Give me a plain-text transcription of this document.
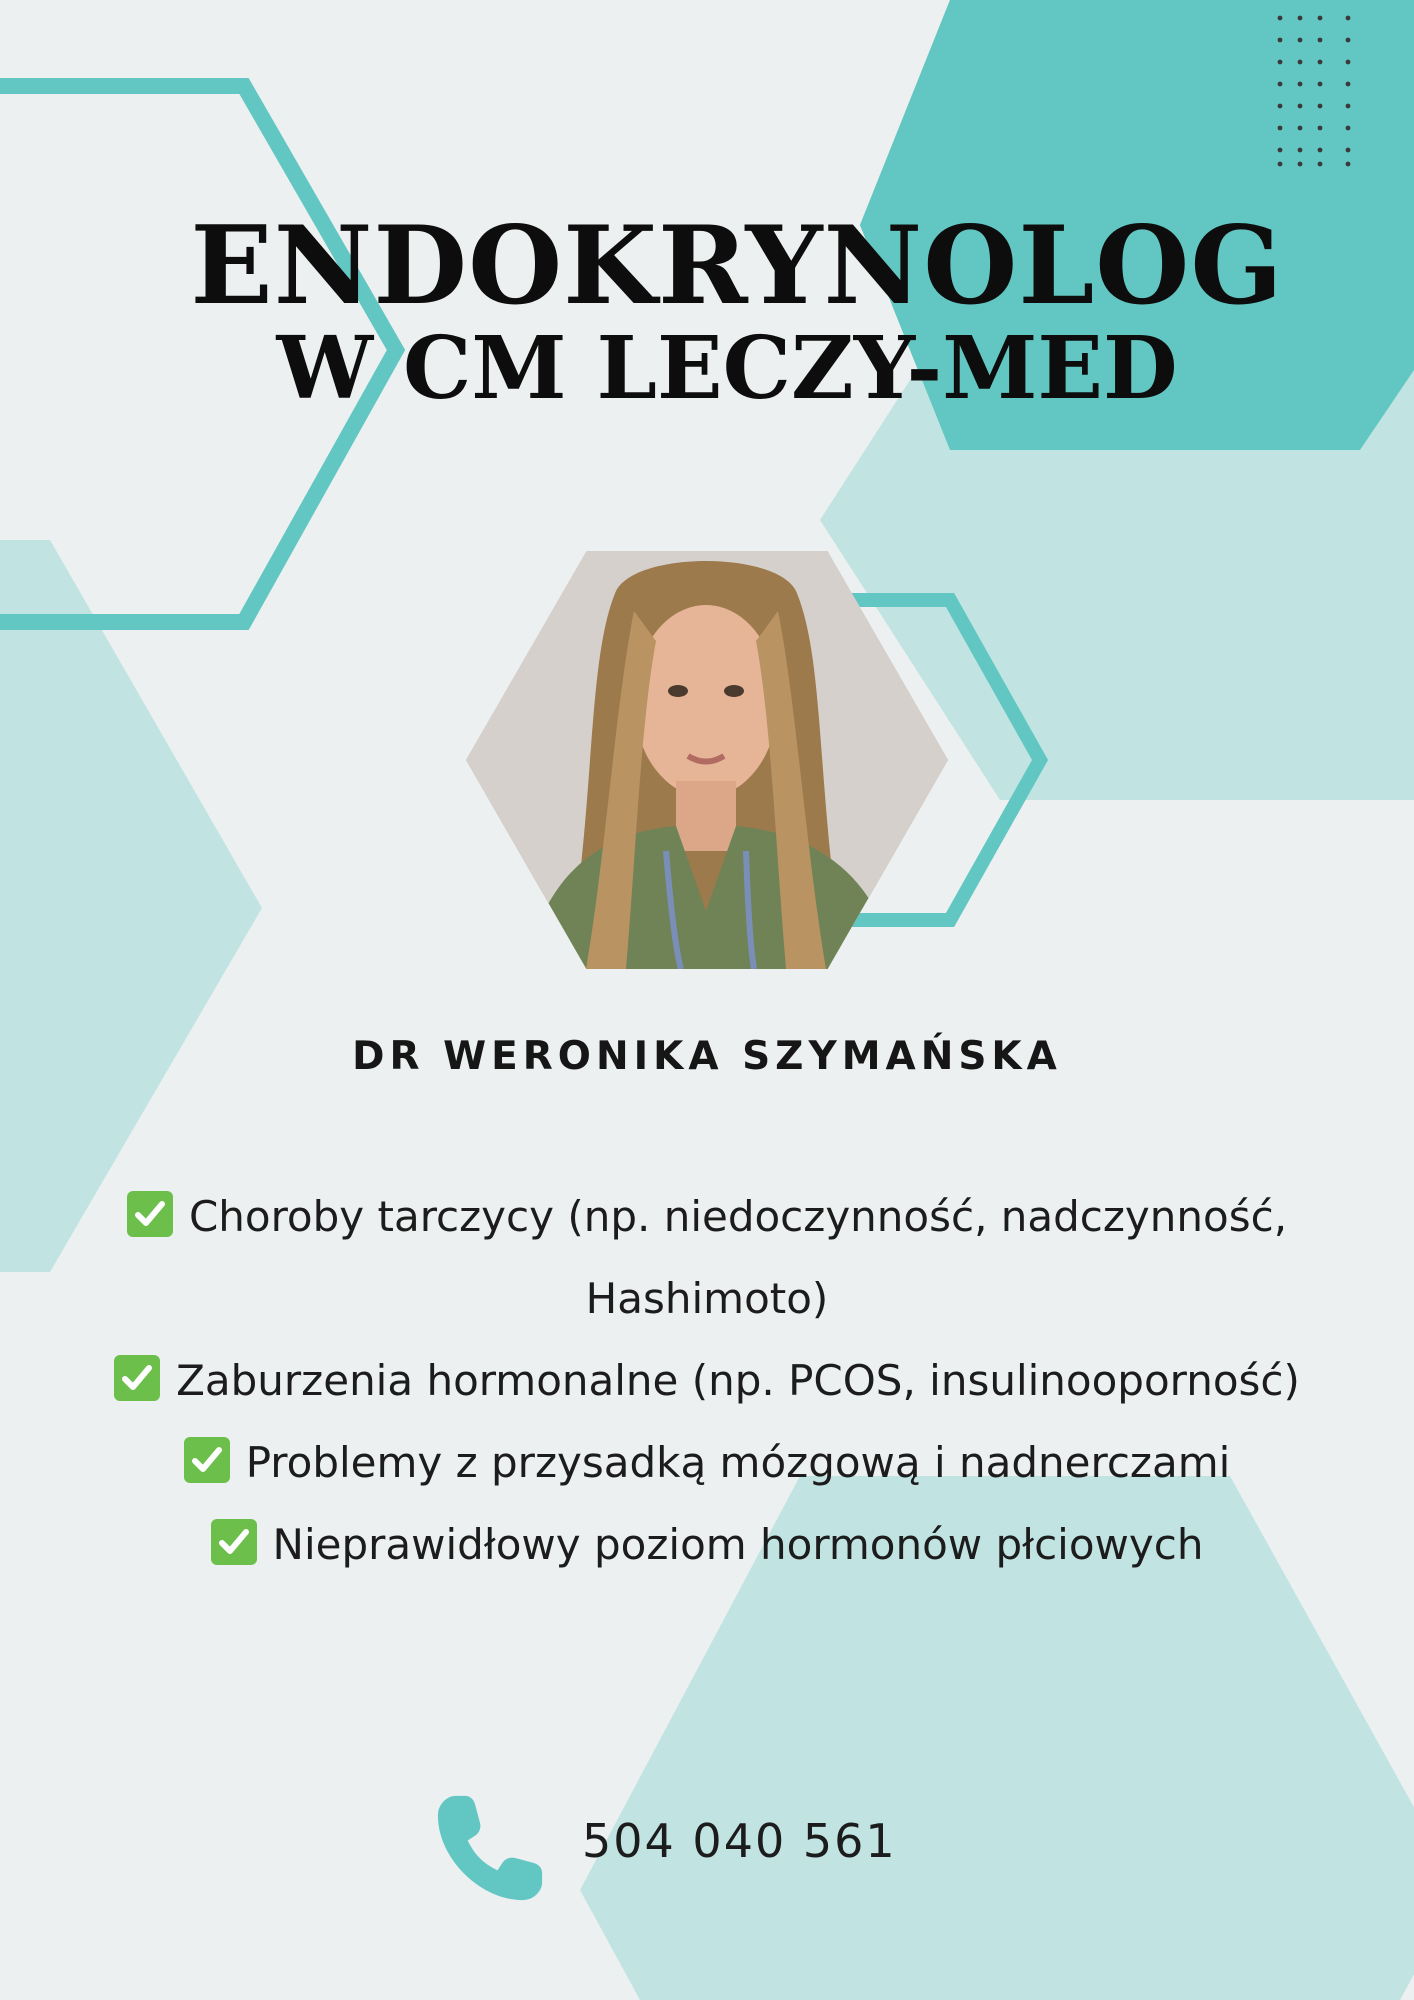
ENDOKRYNOLOG
W CM LECZY-MED
DR WERONIKA SZYMAŃSKA
Choroby tarczycy (np. niedoczynność, nadczynność, Hashimoto)
Zaburzenia hormonalne (np. PCOS, insulinooporność)
Problemy z przysadką mózgową i nadnerczami
Nieprawidłowy poziom hormonów płciowych
504 040 561
